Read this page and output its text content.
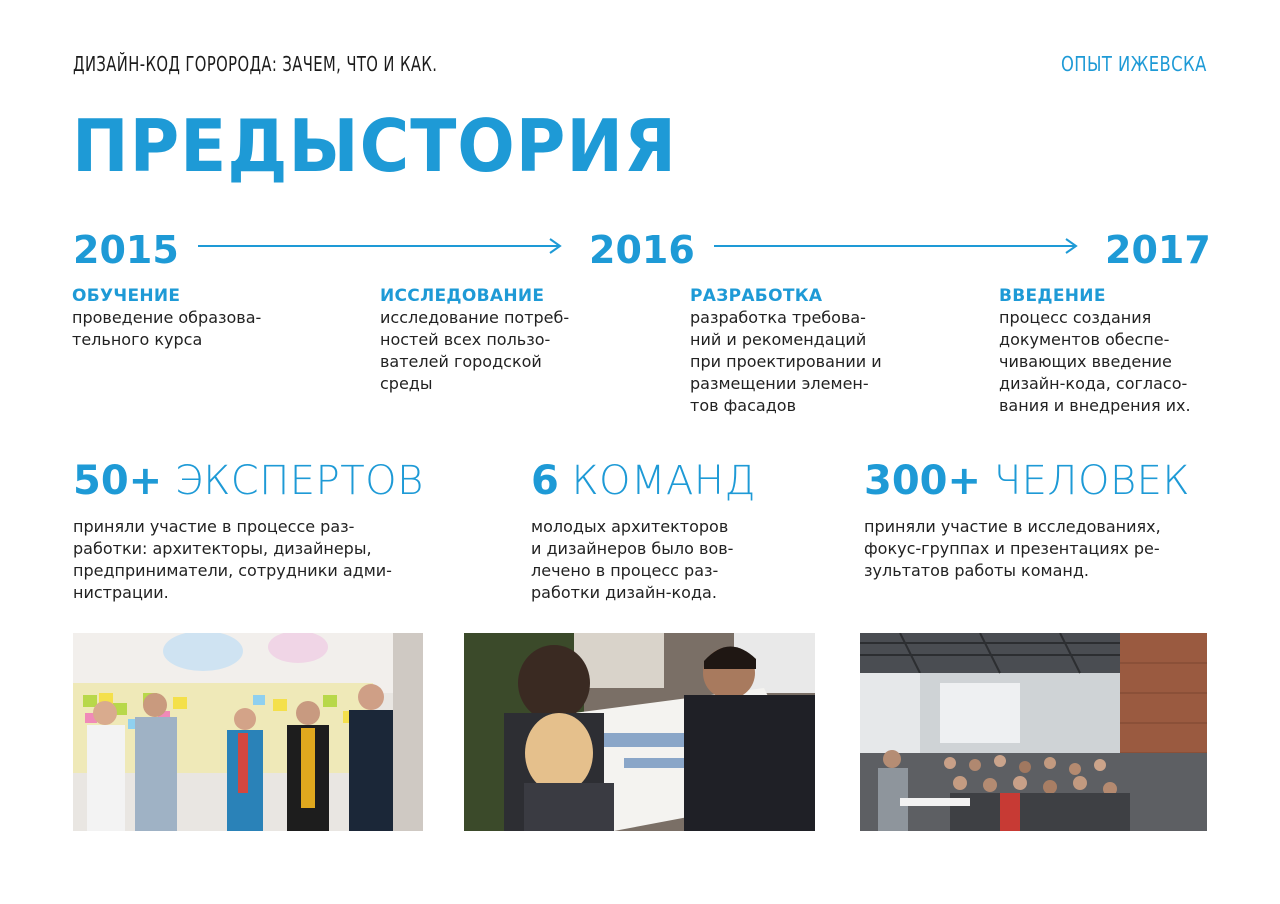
ДИЗАЙН-КОД ГОРОРОДА: ЗАЧЕМ, ЧТО И КАК.	ОПЫТ ИЖЕВСКА
ПРЕДЫСТОРИЯ
2015	2016	2017
ОБУЧЕНИЕ
проведение образова-
тельного курса
ИССЛЕДОВАНИЕ
исследование потреб-
ностей всех пользо-
вателей городской
среды
РАЗРАБОТКА
разработка требова-
ний и рекомендаций
при проектировании и
размещении элемен-
тов фасадов
ВВЕДЕНИЕ
процесс создания
документов обеспе-
чивающих введение
дизайн-кода, согласо-
вания и внедрения их.
50+ ЭКСПЕРТОВ
приняли участие в процессе раз-
работки: архитекторы, дизайнеры,
предприниматели, сотрудники адми-
нистрации.
6 КОМАНД
молодых архитекторов
и дизайнеров было вов-
лечено в процесс раз-
работки дизайн-кода.
300+ ЧЕЛОВЕК
приняли участие в исследованиях,
фокус-группах и презентациях ре-
зультатов работы команд.
